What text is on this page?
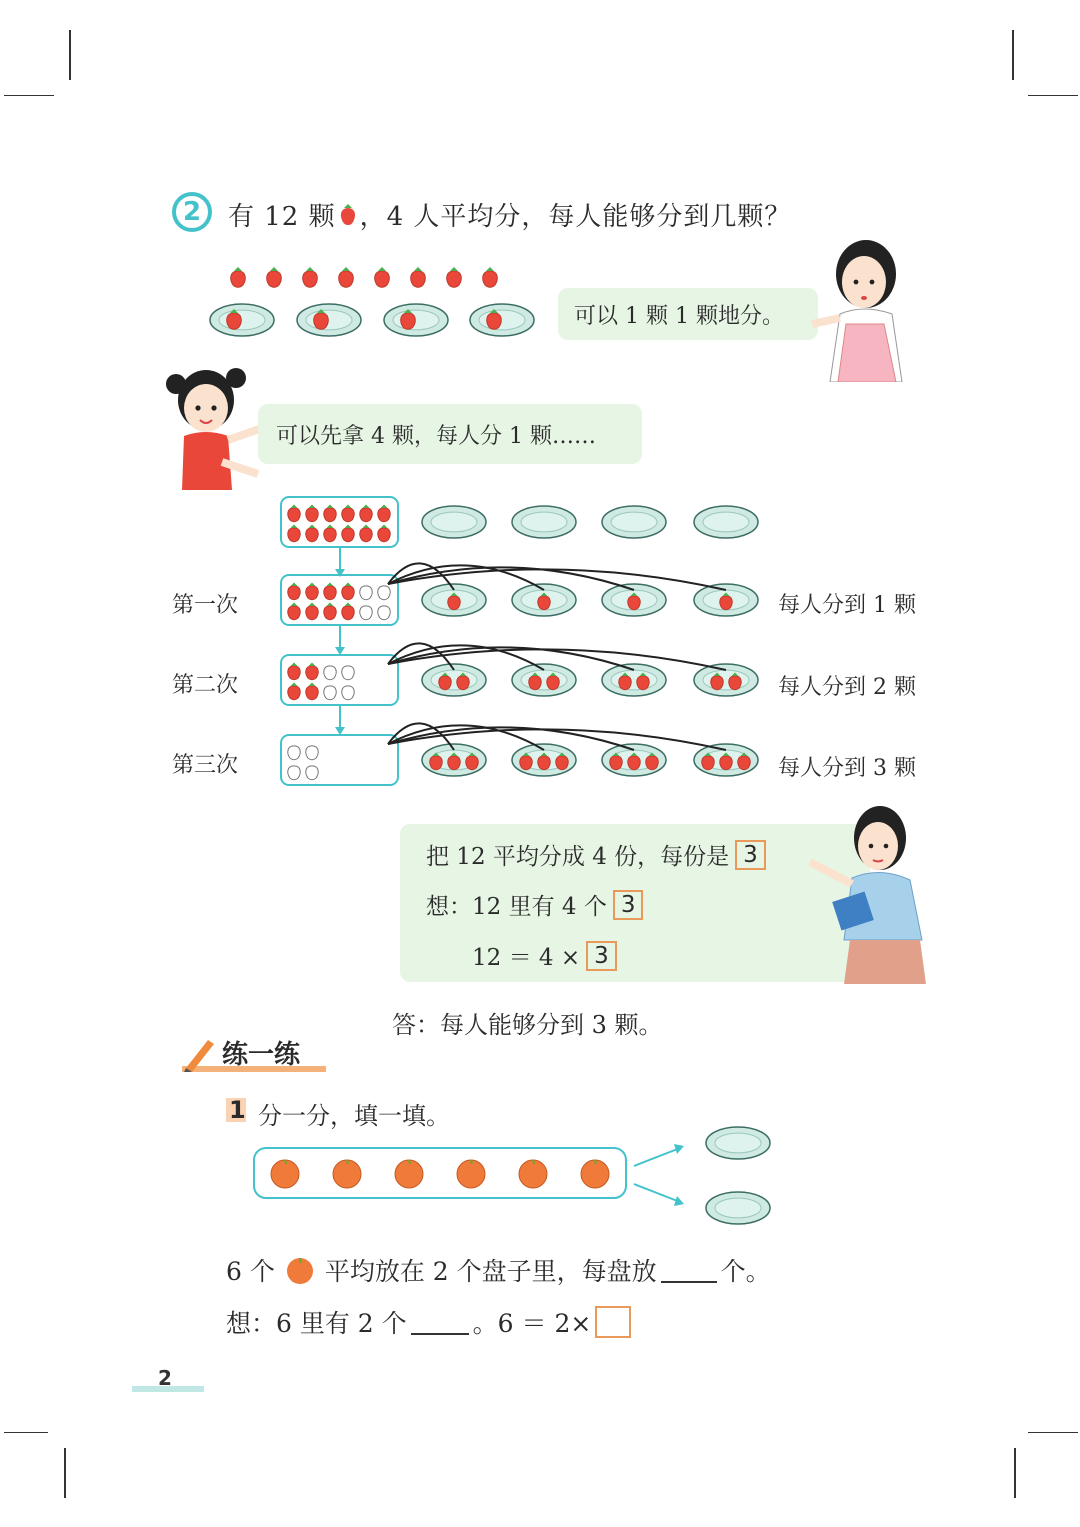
2	有 12 颗 ，4 人平均分，每人能够分到几颗？
可以 1 颗 1 颗地分。
可以先拿 4 颗，每人分 1 颗……
第一次
第二次
第三次
每人分到 1 颗
每人分到 2 颗
每人分到 3 颗
把 12 平均分成 4 份，每份是 3
想：12 里有 4 个 3
12 ＝ 4 × 3
答：每人能够分到 3 颗。
练一练
1 分一分，填一填。
6 个 平均放在 2 个盘子里，每盘放	个。
想：6 里有 2 个	。6 ＝ 2×
2
